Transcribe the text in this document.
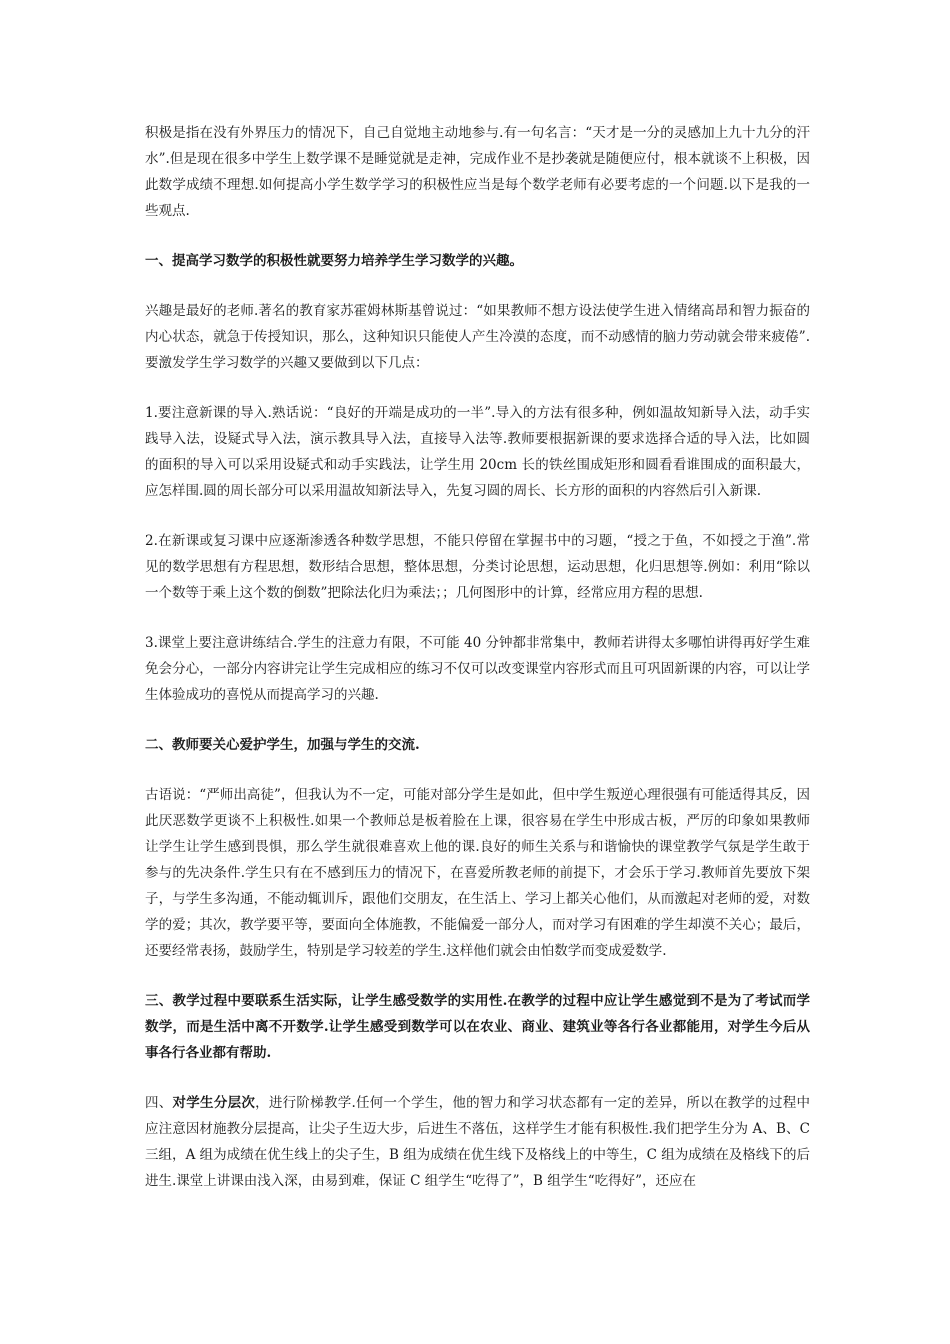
积极是指在没有外界压力的情况下，自己自觉地主动地参与.有一句名言：“天才是一分的灵感加上九十九分的汗水”.但是现在很多中学生上数学课不是睡觉就是走神，完成作业不是抄袭就是随便应付，根本就谈不上积极，因此数学成绩不理想.如何提高小学生数学学习的积极性应当是每个数学老师有必要考虑的一个问题.以下是我的一些观点.

一、提高学习数学的积极性就要努力培养学生学习数学的兴趣。

兴趣是最好的老师.著名的教育家苏霍姆林斯基曾说过：“如果教师不想方设法使学生进入情绪高昂和智力振奋的内心状态，就急于传授知识，那么，这种知识只能使人产生冷漠的态度，而不动感情的脑力劳动就会带来疲倦”.要激发学生学习数学的兴趣又要做到以下几点：

1.要注意新课的导入.熟话说：“良好的开端是成功的一半”.导入的方法有很多种，例如温故知新导入法，动手实践导入法，设疑式导入法，演示教具导入法，直接导入法等.教师要根据新课的要求选择合适的导入法，比如圆的面积的导入可以采用设疑式和动手实践法，让学生用 20cm 长的铁丝围成矩形和圆看看谁围成的面积最大，应怎样围.圆的周长部分可以采用温故知新法导入，先复习圆的周长、长方形的面积的内容然后引入新课.

2.在新课或复习课中应逐渐渗透各种数学思想，不能只停留在掌握书中的习题，“授之于鱼，不如授之于渔”.常见的数学思想有方程思想，数形结合思想，整体思想，分类讨论思想，运动思想，化归思想等.例如：利用“除以一个数等于乘上这个数的倒数”把除法化归为乘法；；几何图形中的计算，经常应用方程的思想.

3.课堂上要注意讲练结合.学生的注意力有限，不可能 40 分钟都非常集中，教师若讲得太多哪怕讲得再好学生难免会分心，一部分内容讲完让学生完成相应的练习不仅可以改变课堂内容形式而且可巩固新课的内容，可以让学生体验成功的喜悦从而提高学习的兴趣.

二、教师要关心爱护学生，加强与学生的交流.

古语说：“严师出高徒”，但我认为不一定，可能对部分学生是如此，但中学生叛逆心理很强有可能适得其反，因此厌恶数学更谈不上积极性.如果一个教师总是板着脸在上课，很容易在学生中形成古板，严厉的印象如果教师让学生让学生感到畏惧，那么学生就很难喜欢上他的课.良好的师生关系与和谐愉快的课堂教学气氛是学生敢于参与的先决条件.学生只有在不感到压力的情况下，在喜爱所教老师的前提下，才会乐于学习.教师首先要放下架子，与学生多沟通，不能动辄训斥，跟他们交朋友，在生活上、学习上都关心他们，从而激起对老师的爱，对数学的爱；其次，教学要平等，要面向全体施教，不能偏爱一部分人，而对学习有困难的学生却漠不关心；最后，还要经常表扬，鼓励学生，特别是学习较差的学生.这样他们就会由怕数学而变成爱数学.

三、教学过程中要联系生活实际，让学生感受数学的实用性.在教学的过程中应让学生感觉到不是为了考试而学数学，而是生活中离不开数学.让学生感受到数学可以在农业、商业、建筑业等各行各业都能用，对学生今后从事各行各业都有帮助.

四、对学生分层次，进行阶梯教学.任何一个学生，他的智力和学习状态都有一定的差异，所以在教学的过程中应注意因材施教分层提高，让尖子生迈大步，后进生不落伍，这样学生才能有积极性.我们把学生分为 A、B、C 三组，A 组为成绩在优生线上的尖子生，B 组为成绩在优生线下及格线上的中等生，C 组为成绩在及格线下的后进生.课堂上讲课由浅入深，由易到难，保证 C 组学生“吃得了”，B 组学生“吃得好”，还应在
